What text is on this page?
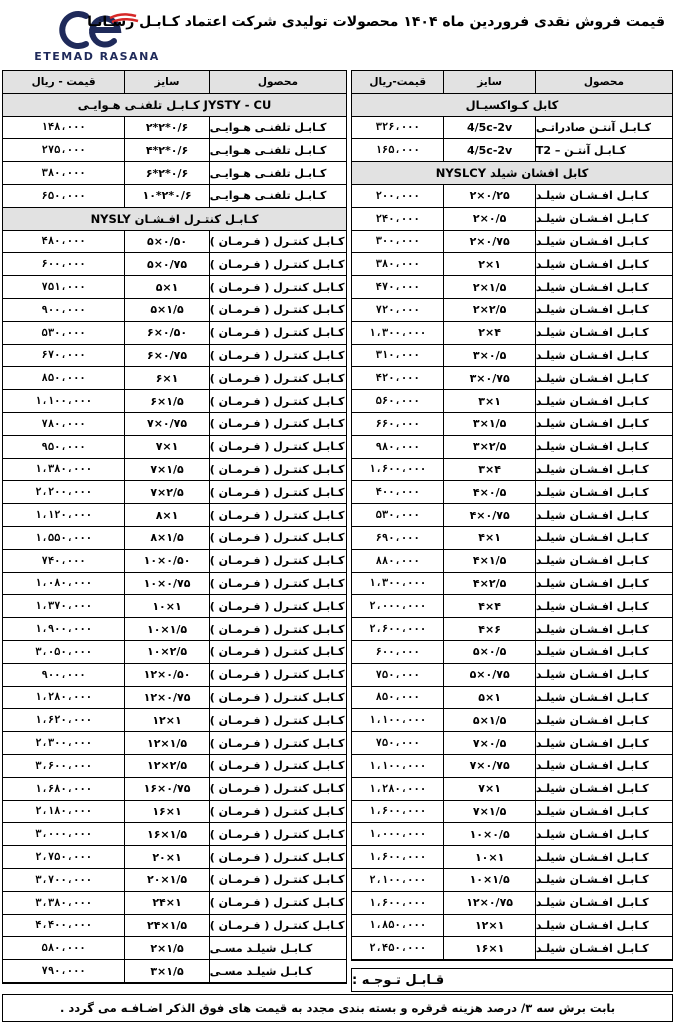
ETEMAD RASANA
قیمت فروش نقدی فروردین ماه ۱۴۰۴ محصولات تولیدی شرکت اعتماد کـابـل رسـانـا
محصول
سایز
قیمت-ریال
کابل کـواکسیـال
کـابـل آنتـن صادراتـی
4/5c-2v
۳۲۶،۰۰۰
کـابـل آنتـن – T2
4/5c-2v
۱۶۵،۰۰۰
کابل افشان شیلد NYSLCY
کـابـل افـشـان شیلـد
۲×۰/۲۵
۲۰۰،۰۰۰
کـابـل افـشـان شیلـد
۲×۰/۵
۲۴۰،۰۰۰
کـابـل افـشـان شیلـد
۲×۰/۷۵
۳۰۰،۰۰۰
کـابـل افـشـان شیلـد
۲×۱
۳۸۰،۰۰۰
کـابـل افـشـان شیلـد
۲×۱/۵
۴۷۰،۰۰۰
کـابـل افـشـان شیلـد
۲×۲/۵
۷۲۰،۰۰۰
کـابـل افـشـان شیلـد
۲×۴
۱،۳۰۰،۰۰۰
کـابـل افـشـان شیلـد
۳×۰/۵
۳۱۰،۰۰۰
کـابـل افـشـان شیلـد
۳×۰/۷۵
۴۲۰،۰۰۰
کـابـل افـشـان شیلـد
۳×۱
۵۶۰،۰۰۰
کـابـل افـشـان شیلـد
۳×۱/۵
۶۶۰،۰۰۰
کـابـل افـشـان شیلـد
۳×۲/۵
۹۸۰،۰۰۰
کـابـل افـشـان شیلـد
۳×۴
۱،۶۰۰،۰۰۰
کـابـل افـشـان شیلـد
۴×۰/۵
۴۰۰،۰۰۰
کـابـل افـشـان شیلـد
۴×۰/۷۵
۵۳۰،۰۰۰
کـابـل افـشـان شیلـد
۴×۱
۶۹۰،۰۰۰
کـابـل افـشـان شیلـد
۴×۱/۵
۸۸۰،۰۰۰
کـابـل افـشـان شیلـد
۴×۲/۵
۱،۳۰۰،۰۰۰
کـابـل افـشـان شیلـد
۴×۴
۲،۰۰۰،۰۰۰
کـابـل افـشـان شیلـد
۴×۶
۲،۶۰۰،۰۰۰
کـابـل افـشـان شیلـد
۵×۰/۵
۶۰۰،۰۰۰
کـابـل افـشـان شیلـد
۵×۰/۷۵
۷۵۰،۰۰۰
کـابـل افـشـان شیلـد
۵×۱
۸۵۰،۰۰۰
کـابـل افـشـان شیلـد
۵×۱/۵
۱،۱۰۰،۰۰۰
کـابـل افـشـان شیلـد
۷×۰/۵
۷۵۰،۰۰۰
کـابـل افـشـان شیلـد
۷×۰/۷۵
۱،۱۰۰،۰۰۰
کـابـل افـشـان شیلـد
۷×۱
۱،۲۸۰،۰۰۰
کـابـل افـشـان شیلـد
۷×۱/۵
۱،۶۰۰،۰۰۰
کـابـل افـشـان شیلـد
۱۰×۰/۵
۱،۰۰۰،۰۰۰
کـابـل افـشـان شیلـد
۱۰×۱
۱،۶۰۰،۰۰۰
کـابـل افـشـان شیلـد
۱۰×۱/۵
۲،۱۰۰،۰۰۰
کـابـل افـشـان شیلـد
۱۲×۰/۷۵
۱،۶۰۰،۰۰۰
کـابـل افـشـان شیلـد
۱۲×۱
۱،۸۵۰،۰۰۰
کـابـل افـشـان شیلـد
۱۶×۱
۲،۴۵۰،۰۰۰
محصول
سایز
قیمت - ریال
JYSTY - CU کـابـل تلفنـی هـوایـی
کـابـل تلفنـی هـوایـی
۲*۲*۰/۶
۱۴۸،۰۰۰
کـابـل تلفنـی هـوایـی
۴*۲*۰/۶
۲۷۵،۰۰۰
کـابـل تلفنـی هـوایـی
۶*۲*۰/۶
۳۸۰،۰۰۰
کـابـل تلفنـی هـوایـی
۱۰*۲*۰/۶
۶۵۰،۰۰۰
کـابـل کنتـرل افـشـان NYSLY
کـابـل کنتـرل ( فـرمـان )
۵×۰/۵۰
۴۸۰،۰۰۰
کـابـل کنتـرل ( فـرمـان )
۵×۰/۷۵
۶۰۰،۰۰۰
کـابـل کنتـرل ( فـرمـان )
۵×۱
۷۵۱،۰۰۰
کـابـل کنتـرل ( فـرمـان )
۵×۱/۵
۹۰۰،۰۰۰
کـابـل کنتـرل ( فـرمـان )
۶×۰/۵۰
۵۳۰،۰۰۰
کـابـل کنتـرل ( فـرمـان )
۶×۰/۷۵
۶۷۰،۰۰۰
کـابـل کنتـرل ( فـرمـان )
۶×۱
۸۵۰،۰۰۰
کـابـل کنتـرل ( فـرمـان )
۶×۱/۵
۱،۱۰۰،۰۰۰
کـابـل کنتـرل ( فـرمـان )
۷×۰/۷۵
۷۸۰،۰۰۰
کـابـل کنتـرل ( فـرمـان )
۷×۱
۹۵۰،۰۰۰
کـابـل کنتـرل ( فـرمـان )
۷×۱/۵
۱،۳۸۰،۰۰۰
کـابـل کنتـرل ( فـرمـان )
۷×۲/۵
۲،۲۰۰،۰۰۰
کـابـل کنتـرل ( فـرمـان )
۸×۱
۱،۱۲۰،۰۰۰
کـابـل کنتـرل ( فـرمـان )
۸×۱/۵
۱،۵۵۰،۰۰۰
کـابـل کنتـرل ( فـرمـان )
۱۰×۰/۵۰
۷۴۰،۰۰۰
کـابـل کنتـرل ( فـرمـان )
۱۰×۰/۷۵
۱،۰۸۰،۰۰۰
کـابـل کنتـرل ( فـرمـان )
۱۰×۱
۱،۳۷۰،۰۰۰
کـابـل کنتـرل ( فـرمـان )
۱۰×۱/۵
۱،۹۰۰،۰۰۰
کـابـل کنتـرل ( فـرمـان )
۱۰×۲/۵
۳،۰۵۰،۰۰۰
کـابـل کنتـرل ( فـرمـان )
۱۲×۰/۵۰
۹۰۰،۰۰۰
کـابـل کنتـرل ( فـرمـان )
۱۲×۰/۷۵
۱،۲۸۰،۰۰۰
کـابـل کنتـرل ( فـرمـان )
۱۲×۱
۱،۶۲۰،۰۰۰
کـابـل کنتـرل ( فـرمـان )
۱۲×۱/۵
۲،۳۰۰،۰۰۰
کـابـل کنتـرل ( فـرمـان )
۱۲×۲/۵
۳،۶۰۰،۰۰۰
کـابـل کنتـرل ( فـرمـان )
۱۶×۰/۷۵
۱،۶۸۰،۰۰۰
کـابـل کنتـرل ( فـرمـان )
۱۶×۱
۲،۱۸۰،۰۰۰
کـابـل کنتـرل ( فـرمـان )
۱۶×۱/۵
۳،۰۰۰،۰۰۰
کـابـل کنتـرل ( فـرمـان )
۲۰×۱
۲،۷۵۰،۰۰۰
کـابـل کنتـرل ( فـرمـان )
۲۰×۱/۵
۳،۷۰۰،۰۰۰
کـابـل کنتـرل ( فـرمـان )
۲۴×۱
۳،۳۸۰،۰۰۰
کـابـل کنتـرل ( فـرمـان )
۲۴×۱/۵
۴،۴۰۰،۰۰۰
کـابـل شیلـد مسـی
۲×۱/۵
۵۸۰،۰۰۰
کـابـل شیلـد مسـی
۳×۱/۵
۷۹۰،۰۰۰
قـابـل تـوجـه :
بابت برش سه ۳/ درصد هزینه قرقره و بسته بندی مجدد به قیمت های فوق الذکر اضـافـه می گردد .
